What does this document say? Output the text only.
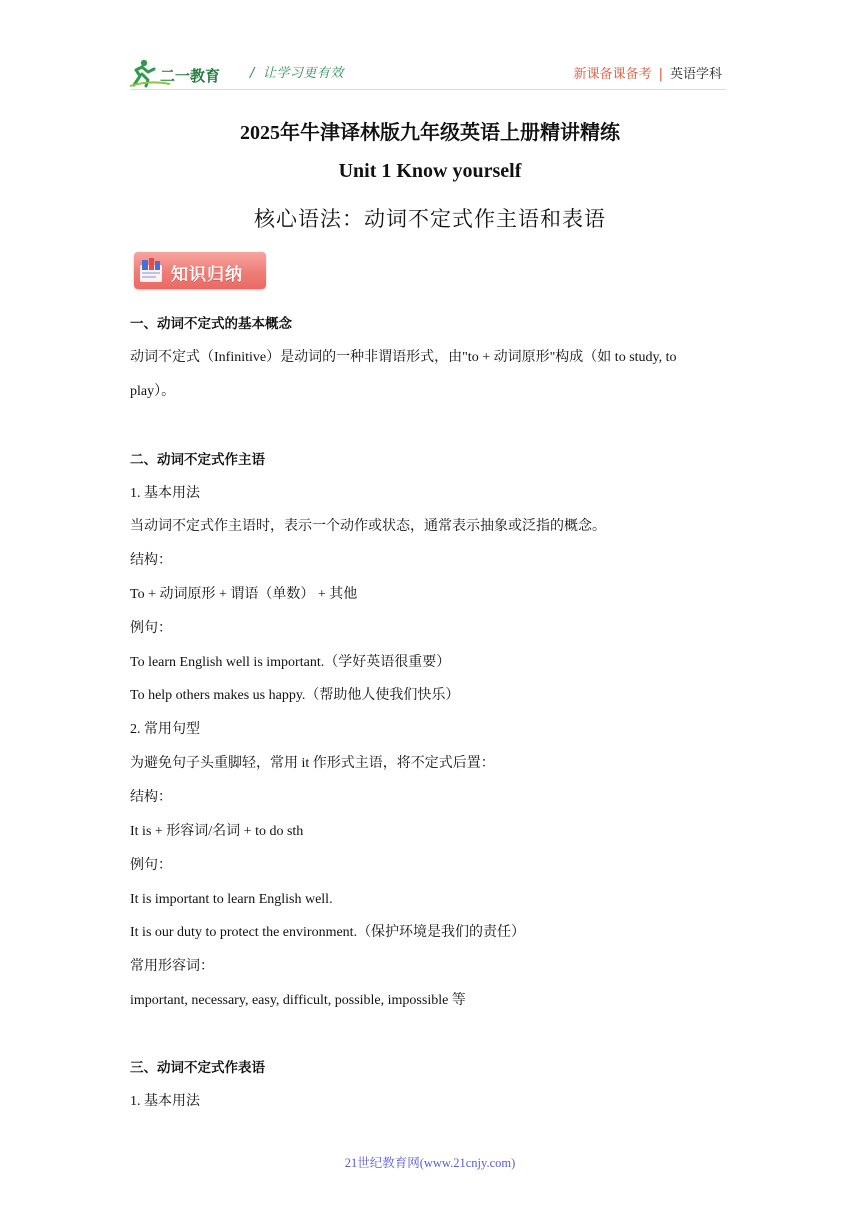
二一教育 / 让学习更有效	新课备课备考 | 英语学科
2025年牛津译林版九年级英语上册精讲精练
Unit 1 Know yourself
核心语法：动词不定式作主语和表语
知识归纳
一、动词不定式的基本概念
动词不定式（Infinitive）是动词的一种非谓语形式，由"to + 动词原形"构成（如 to study, to
play）。
二、动词不定式作主语
1. 基本用法
当动词不定式作主语时，表示一个动作或状态，通常表示抽象或泛指的概念。
结构：
To + 动词原形 + 谓语（单数） + 其他
例句：
To learn English well is important.（学好英语很重要）
To help others makes us happy.（帮助他人使我们快乐）
2. 常用句型
为避免句子头重脚轻，常用 it 作形式主语，将不定式后置：
结构：
It is + 形容词/名词 + to do sth
例句：
It is important to learn English well.
It is our duty to protect the environment.（保护环境是我们的责任）
常用形容词：
important, necessary, easy, difficult, possible, impossible 等
三、动词不定式作表语
1. 基本用法
21世纪教育网(www.21cnjy.com)
